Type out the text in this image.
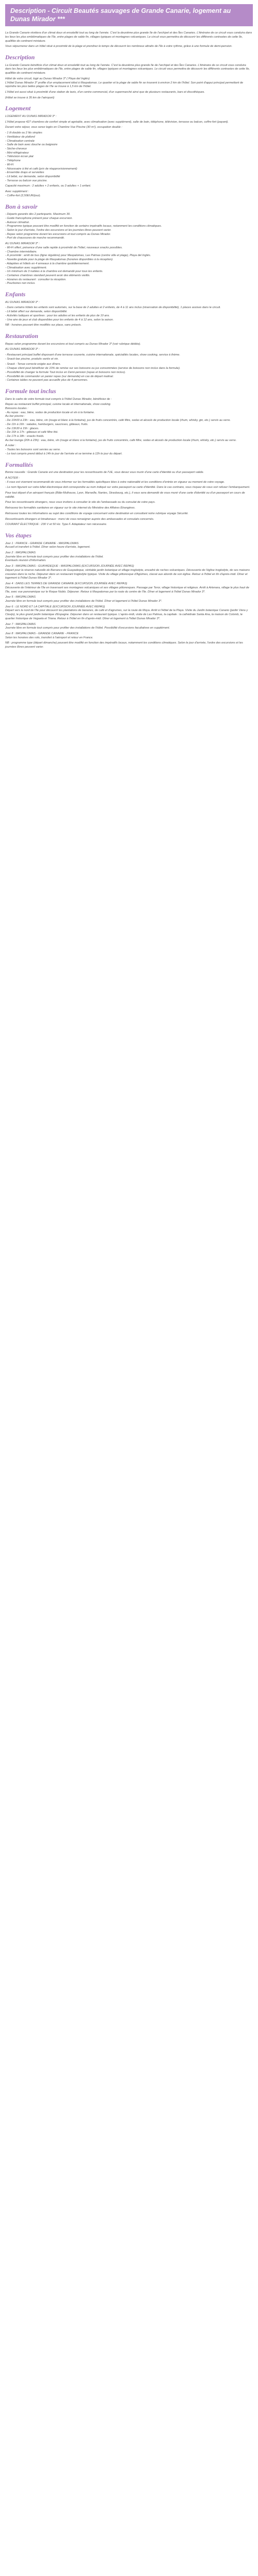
Description - Circuit Beautés sauvages de Grande Canarie, logement au Dunas Mirador ***

La Grande Canarie révèlera d'un climat doux et ensoleillé tout au long de l'année. C'est la deuxième plus grande île de l'archipel et des Îles Canaries. L'itinéraire de ce circuit vous conduira dans les lieux les plus emblématiques de l'île, entre plages de sable fin, villages typiques et montagnes volcaniques. Le circuit vous permettra de découvrir les différents contrastes de cette île, qualifiée de continent miniature.

Vous séjournerez dans un hôtel situé à proximité de la plage et prendrez le temps de découvrir les nombreux attraits de l'île à votre rythme, grâce à une formule de demi-pension.

Description

La Grande Canarie bénéficie d'un climat doux et ensoleillé tout au long de l'année. C'est la deuxième plus grande île de l'archipel et des Îles Canaries. L'itinéraire de ce circuit vous conduira dans les lieux les plus emblématiques de l'île, entre plages de sable fin, villages typiques et montagnes volcaniques. Le circuit vous permettra de découvrir les différents contrastes de cette île, qualifiée de continent miniature.

Hôtel de votre circuit, logé au Dunas Mirador 3* ( Playa del Inglés)
L'Hôtel Dunas Mirador 3* profite d'un emplacement idéal à Maspalomas. Le quartier et la plage de sable fin se trouvent à environ 2 km de l'hôtel. Son point d'appui principal permettant de rejoindre les plus belles plages de l'île se trouve à 1,5 km de l'hôtel.

L'Hôtel est aussi situé à proximité d'une station de taxis, d'un centre commercial, d'un supermarché ainsi que de plusieurs restaurants, bars et discothèques.

(Hôtel se trouve à 35 km de l'aéroport)

Logement

LOGEMENT AU DUNAS MIRADOR 3* :

L'Hôtel propose 427 chambres de confort simple et agréable, avec climatisation (avec supplément), salle de bain, téléphone, télévision, terrasse ou balcon, coffre-fort (payant).

Durant votre séjour, vous serez logés en Chambre Vue Piscine (30 m²), occupation double :

- 1 lit double ou 2 lits simples
- Ventilateur de plafond
- Climatisation centrale
- Salle de bain avec douche ou baignoire
- Sèche-cheveux
- Mini-réfrigérateur
- Télévision écran plat
- Téléphone
- Wi-Fi
- Nécessaire à thé et café (prix de réapprovisionnement)
- Ensemble draps et serviettes
- Lit bébé, sur demande, selon disponibilité
- Terrasse ou balcon vue piscine.

Capacité maximum : 2 adultes + 2 enfants, ou 3 adultes + 1 enfant.

Avec supplément :
- Coffre-fort (2,50EUR/jour).

Bon à savoir

- Départs garantis dès 2 participants. Maximum 30.
- Guide francophone présent pour chaque excursion.
- Autocar climatisé.
- Programme typique pouvant être modifié en fonction de certains impératifs locaux, notamment les conditions climatiques.
- Selon le jour d'arrivée, l'ordre des excursions et les journées libres peuvent varier.
- Repas selon programme durant les excursions et tout compris au Dunas Mirador.
- Port de chaussures de marche recommandé.

AU DUNAS MIRADOR 3* :
- Wi-Fi offert, présence d'une salle rapide à proximité de l'hôtel, nouveaux snacks possibles.
- Chambre intermédiaire.
- À proximité : arrêt de bus (ligne régulière) pour Maspalomas, Las Palmas (centre ville et plage), Playa del Inglés.
- Navette gratuite pour la plage de Maspalomas (horaires disponibles à la réception).
- Adaptées et hôtels en 4 anneaux à la chambre quotidiennement.
- Climatisation avec supplément.
- Un minimum de 3 nuitées à la chambre est demandé pour tous les enfants.
- Certaines chambres standard peuvent avoir des éléments vieillis.
- Horaires du restaurant : consulter la réception.
- Pourboires non inclus.

Enfants

AU DUNAS MIRADOR 3* :

- Dans certains hôtels les enfants sont autorisés, sur la base de 2 adultes et 2 enfants, de 4 à 11 ans inclus (réservation de disponibilité), 1 places assises dans le circuit.
- Lit bébé offert sur demande, selon disponibilité.
- Activités ludiques et sportives : pour les adultes et les enfants de plus de 10 ans.
- Une aire de jeux et club disponibles pour les enfants de 4 à 12 ans, selon la saison.

NB : horaires pouvant être modifiés sur place, sans préavis.

Restauration

Repas selon programme durant les excursions et tout compris au Dunas Mirador 3* (voir rubrique dédiée).

AU DUNAS MIRADOR 3* :

- Restaurant principal buffet disposant d'une terrasse couverte, cuisine internationale, spécialités locales, show cooking, service à thème.
- Snack-bar piscine, produits variés et vin.

- Snack : Tenue correcte exigée aux dîners.
- Chaque client peut bénéficier de 10% de remise sur ses boissons ou jus consommées (service de boissons non inclus dans la formule).
- Possibilité de changer la formule Tout inclus en Demi-pension (repas et boissons non inclus).
- Possibilité de commander un panier repas (sur demande) en cas de départ matinal.
- Certaines tables ne peuvent pas accueillir plus de 4 personnes.

Formule tout inclus

Dans le cadre de votre formule tout compris à l'hôtel Dunas Mirador, bénéficiez de :

Repas au restaurant buffet principal, cuisine locale et internationale, show cooking.
Boissons locales :
- Au repas : eau, bière, sodas de production locale et vin à la fontaine.
Au bar piscine :
- De 10h00 à 23h : eau, bière, vin (rouge et blanc à la fontaine), jus de fruits concentrés, café filtre, sodas et alcools de production locale (rhum, whisky, gin, etc.) servis au verre.
- De 11h à 16h : salades, hamburgers, saucisses, gâteaux, fruits.
- De 13h30 à 15h : glaces.
- De 16h à 17h : gâteaux et café filtre thé.
- De 17h à 18h : snacks froids.
Au bar lounge (20h à 23h) : eau, bière, vin (rouge et blanc à la fontaine), jus de fruits concentrés, café filtre, sodas et alcools de production locale (rhum, whisky, etc.) servis au verre.

À noter :
- Toutes les boissons sont servies au verre.
- Le tout compris prend début à 14h le jour de l'arrivée et se termine à 12h le jour du départ.

Formalités

Bonne nouvelle : Grande Canarie est une destination pour les ressortissants de l'UE, vous devez vous munir d'une carte d'identité ou d'un passeport valide.

À NOTER :
- Il vous est vivement recommandé de vous informer sur les formalités spécifiques liées à votre nationalité et les conditions d'entrée en vigueur au moment de votre voyage.

- Le nom figurant sur votre billet électronique doit correspondre au nom indiqué sur votre passeport ou carte d'identité. Dans le cas contraire, vous risquez de vous voir refuser l'embarquement.

Pour tout départ d'un aéroport français (Bâle-Mulhouse, Lyon, Marseille, Nantes, Strasbourg, etc.), il vous sera demandé de vous munir d'une carte d'identité ou d'un passeport en cours de validité.

Pour les ressortissants étrangers, nous vous invitons à consulter le site de l'ambassade ou du consulat de votre pays.

Retrouvez les formalités sanitaires en vigueur sur le site internet du Ministère des Affaires Étrangères.

Retrouvez toutes les informations au sujet des conditions de voyage concernant votre destination en consultant notre rubrique voyage Sécurité.

Ressortissants étrangers et binationaux : merci de vous renseigner auprès des ambassades et consulats concernés.

COURANT ÉLECTRIQUE : 230 V et 50 Hz. Type F. Adaptateur non nécessaire.

Vos étapes

Jour 1 : FRANCE - GRANDE CANARIE - MASPALOMAS
Accueil et transfert à l'hôtel. Dîner selon heure d'arrivée, logement.

Jour 2 : MASPALOMAS
Journée libre en formule tout compris pour profiter des installations de l'hôtel.
Éventuels réunion d'information.

Jour 3 : MASPALOMAS - GUAYADEQUE - MASPALOMAS (EXCURSION JOURNÉE AVEC REPAS)
Départ pour la réserve naturelle de Barranco de Guayadeque, véritable jardin botanique et village troglodyte, encadré de roches volcaniques. Découverte de l'église troglodyte, de ses maisons creusées dans la roche. Déjeuner dans un restaurant troglodyte typique. Visite du village pittoresque d'Agüimes, classé aux abords de son église. Retour à l'hôtel en fin d'après-midi. Dîner et logement à l'hôtel Dunas Mirador 3*.

Jour 4 : DANS LES TERRES DE GRANDE CANARIE (EXCURSION JOURNÉE AVEC REPAS)
Découverte de l'intérieur de l'île en traversant ses montagnes volcaniques et ses villages pittoresques. Passage par Teror, village historique et religieux. Arrêt à Artenara, village le plus haut de l'île, avec vue panoramique sur le Roque Nublo. Déjeuner. Retour à Maspalomas par la route du centre de l'île. Dîner et logement à l'hôtel Dunas Mirador 3*.

Jour 5 : MASPALOMAS
Journée libre en formule tout compris pour profiter des installations de l'hôtel. Dîner et logement à l'hôtel Dunas Mirador 3*.

Jour 6 : LE NORD ET LA CAPITALE (EXCURSION JOURNÉE AVEC REPAS)
Départ vers le nord de l'île pour découvrir les plantations de bananes, de café et d'agrumes, sur la route de Moya. Arrêt à l'Hôtel de la Playa. Visite du Jardin botanique Canario (jardin Viera y Clavijo), le plus grand jardin botanique d'Espagne. Déjeuner dans un restaurant typique. L'après-midi, visite de Las Palmas, la capitale : la cathédrale Santa Ana, la maison de Colomb, le quartier historique de Vegueta et Triana. Retour à l'hôtel en fin d'après-midi. Dîner et logement à l'hôtel Dunas Mirador 3*.

Jour 7 : MASPALOMAS
Journée libre en formule tout compris pour profiter des installations de l'hôtel. Possibilité d'excursions facultatives en supplément.

Jour 8 : MASPALOMAS - GRANDE CANARIE - FRANCE
Selon les horaires des vols, transfert à l'aéroport et retour en France.

NB : programme type (départ dimanche) pouvant être modifié en fonction des impératifs locaux, notamment les conditions climatiques. Selon le jour d'arrivée, l'ordre des excursions et les journées libres peuvent varier.
